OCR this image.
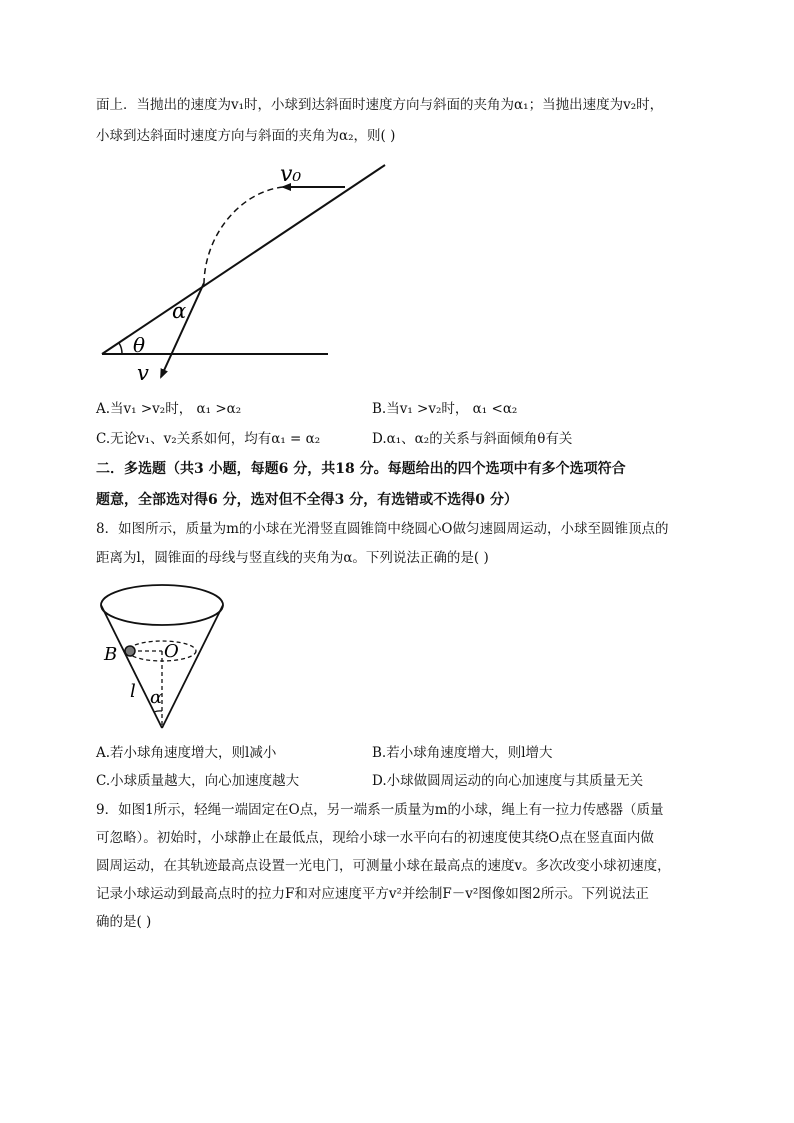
面上．当抛出的速度为v₁时，小球到达斜面时速度方向与斜面的夹角为α₁；当抛出速度为v₂时，
小球到达斜面时速度方向与斜面的夹角为α₂，则( )
v₀
α
θ
v
A.当v₁ >v₂时， α₁ >α₂	B.当v₁ >v₂时， α₁ <α₂
C.无论v₁、v₂关系如何，均有α₁ = α₂	D.α₁、α₂的关系与斜面倾角θ有关
二．多选题（共3 小题，每题6 分，共18 分。每题给出的四个选项中有多个选项符合
题意，全部选对得6 分，选对但不全得3 分，有选错或不选得0 分）
8．如图所示，质量为m的小球在光滑竖直圆锥筒中绕圆心O做匀速圆周运动，小球至圆锥顶点的
距离为l，圆锥面的母线与竖直线的夹角为α。下列说法正确的是( )
B	O
l α
A.若小球角速度增大，则l减小	B.若小球角速度增大，则l增大
C.小球质量越大，向心加速度越大	D.小球做圆周运动的向心加速度与其质量无关
9．如图1所示，轻绳一端固定在O点，另一端系一质量为m的小球，绳上有一拉力传感器（质量
可忽略）。初始时，小球静止在最低点，现给小球一水平向右的初速度使其绕O点在竖直面内做
圆周运动，在其轨迹最高点设置一光电门，可测量小球在最高点的速度v。多次改变小球初速度，
记录小球运动到最高点时的拉力F和对应速度平方v²并绘制F－v²图像如图2所示。下列说法正
确的是( )
